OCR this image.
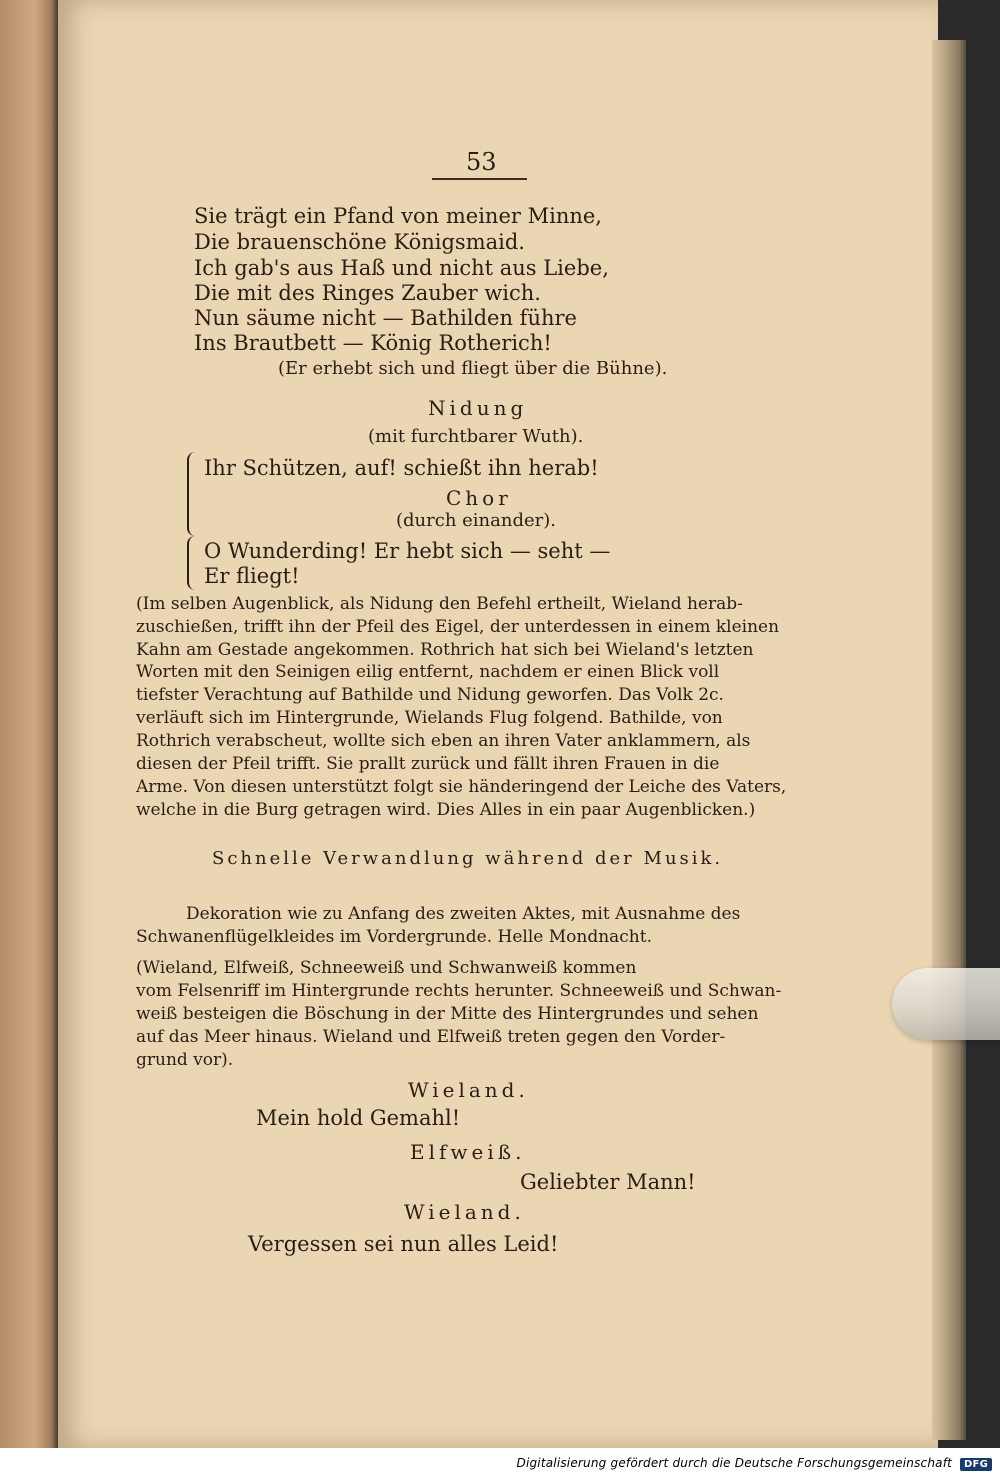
53
Sie trägt ein Pfand von meiner Minne,
Die brauenschöne Königsmaid.
Ich gab's aus Haß und nicht aus Liebe,
Die mit des Ringes Zauber wich.
Nun säume nicht — Bathilden führe
Ins Brautbett — König Rotherich!
(Er erhebt sich und fliegt über die Bühne).
Nidung
(mit furchtbarer Wuth).
Ihr Schützen, auf! schießt ihn herab!
Chor
(durch einander).
O Wunderding! Er hebt sich — seht —
Er fliegt!
(Im selben Augenblick, als Nidung den Befehl ertheilt, Wieland herab-
zuschießen, trifft ihn der Pfeil des Eigel, der unterdessen in einem kleinen
Kahn am Gestade angekommen. Rothrich hat sich bei Wieland's letzten
Worten mit den Seinigen eilig entfernt, nachdem er einen Blick voll
tiefster Verachtung auf Bathilde und Nidung geworfen. Das Volk 2c.
verläuft sich im Hintergrunde, Wielands Flug folgend. Bathilde, von
Rothrich verabscheut, wollte sich eben an ihren Vater anklammern, als
diesen der Pfeil trifft. Sie prallt zurück und fällt ihren Frauen in die
Arme. Von diesen unterstützt folgt sie händeringend der Leiche des Vaters,
welche in die Burg getragen wird. Dies Alles in ein paar Augenblicken.)
Schnelle Verwandlung während der Musik.
Dekoration wie zu Anfang des zweiten Aktes, mit Ausnahme des
Schwanenflügelkleides im Vordergrunde. Helle Mondnacht.
(Wieland, Elfweiß, Schneeweiß und Schwanweiß kommen
vom Felsenriff im Hintergrunde rechts herunter. Schneeweiß und Schwan-
weiß besteigen die Böschung in der Mitte des Hintergrundes und sehen
auf das Meer hinaus. Wieland und Elfweiß treten gegen den Vorder-
grund vor).
Wieland.
Mein hold Gemahl!
Elfweiß.
Geliebter Mann!
Wieland.
Vergessen sei nun alles Leid!
Digitalisierung gefördert durch die Deutsche Forschungsgemeinschaft DFG
